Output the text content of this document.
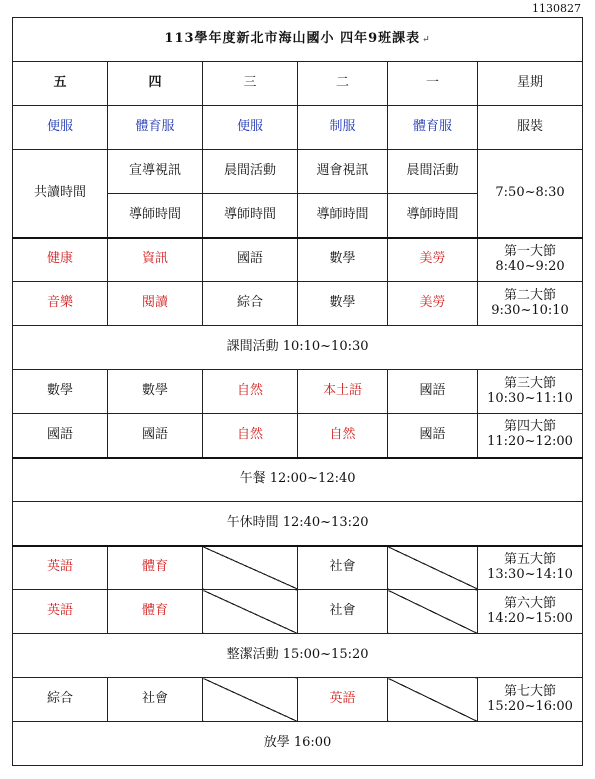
1130827
113學年度新北市海山國小 四年9班課表 ↵					
五	四	三	二	一	星期
便服	體育服	便服	制服	體育服	服裝
共讀時間	宣導視訊	晨間活動	週會視訊	晨間活動	7:50~8:30
	導師時間	導師時間	導師時間	導師時間	
健康	資訊	國語	數學	美勞	第一大節
8:40~9:20

音樂	閱讀	綜合	數學	美勞	第二大節
9:30~10:10

課間活動 10:10~10:30					
數學	數學	自然	本土語	國語	第三大節
10:30~11:10

國語	國語	自然	自然	國語	第四大節
11:20~12:00

午餐 12:00~12:40					
午休時間 12:40~13:20					
英語	體育		社會		第五大節
13:30~14:10

英語	體育		社會		第六大節
14:20~15:00

整潔活動 15:00~15:20					
綜合	社會		英語		第七大節
15:20~16:00

放學 16:00					
